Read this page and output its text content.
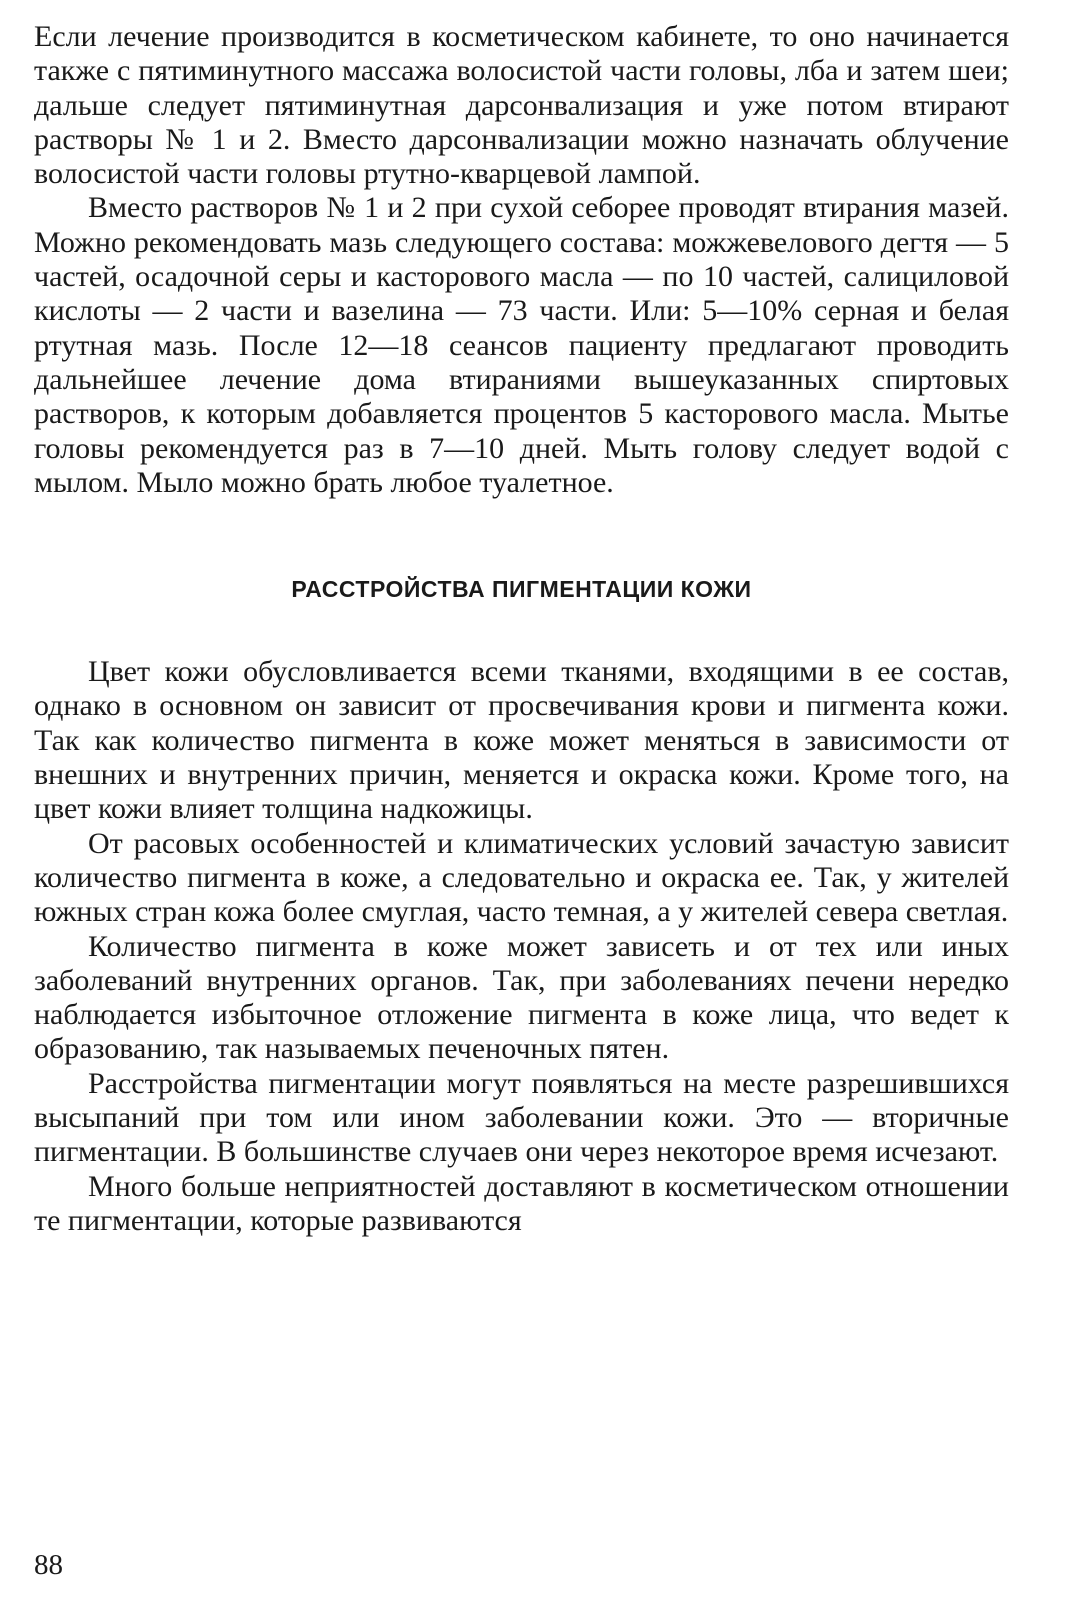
Если лечение производится в косметическом кабинете, то оно начинается также с пятиминутного массажа волосистой части головы, лба и затем шеи; дальше следует пятиминутная дарсонвализация и уже потом втирают растворы № 1 и 2. Вместо дарсонвализации можно назначать облучение волосистой части головы ртутно-кварцевой лампой.

Вместо растворов № 1 и 2 при сухой себорее проводят втирания мазей. Можно рекомендовать мазь следующего состава: можжевелового дегтя — 5 частей, осадочной серы и касторового масла — по 10 частей, салициловой кислоты — 2 части и вазелина — 73 части. Или: 5—10% серная и белая ртутная мазь. После 12—18 сеансов пациенту предлагают проводить дальнейшее лечение дома втираниями вышеуказанных спиртовых растворов, к которым добавляется процентов 5 касторового масла. Мытье головы рекомендуется раз в 7—10 дней. Мыть голову следует водой с мылом. Мыло можно брать любое туалетное.

РАССТРОЙСТВА ПИГМЕНТАЦИИ КОЖИ

Цвет кожи обусловливается всеми тканями, входящими в ее состав, однако в основном он зависит от просвечивания крови и пигмента кожи. Так как количество пигмента в коже может меняться в зависимости от внешних и внутренних причин, меняется и окраска кожи. Кроме того, на цвет кожи влияет толщина надкожицы.

От расовых особенностей и климатических условий зачастую зависит количество пигмента в коже, а следовательно и окраска ее. Так, у жителей южных стран кожа более смуглая, часто темная, а у жителей севера светлая.

Количество пигмента в коже может зависеть и от тех или иных заболеваний внутренних органов. Так, при заболеваниях печени нередко наблюдается избыточное отложение пигмента в коже лица, что ведет к образованию, так называемых печеночных пятен.

Расстройства пигментации могут появляться на месте разрешившихся высыпаний при том или ином заболевании кожи. Это — вторичные пигментации. В большинстве случаев они через некоторое время исчезают.

Много больше неприятностей доставляют в косметическом отношении те пигментации, которые развиваются

88
